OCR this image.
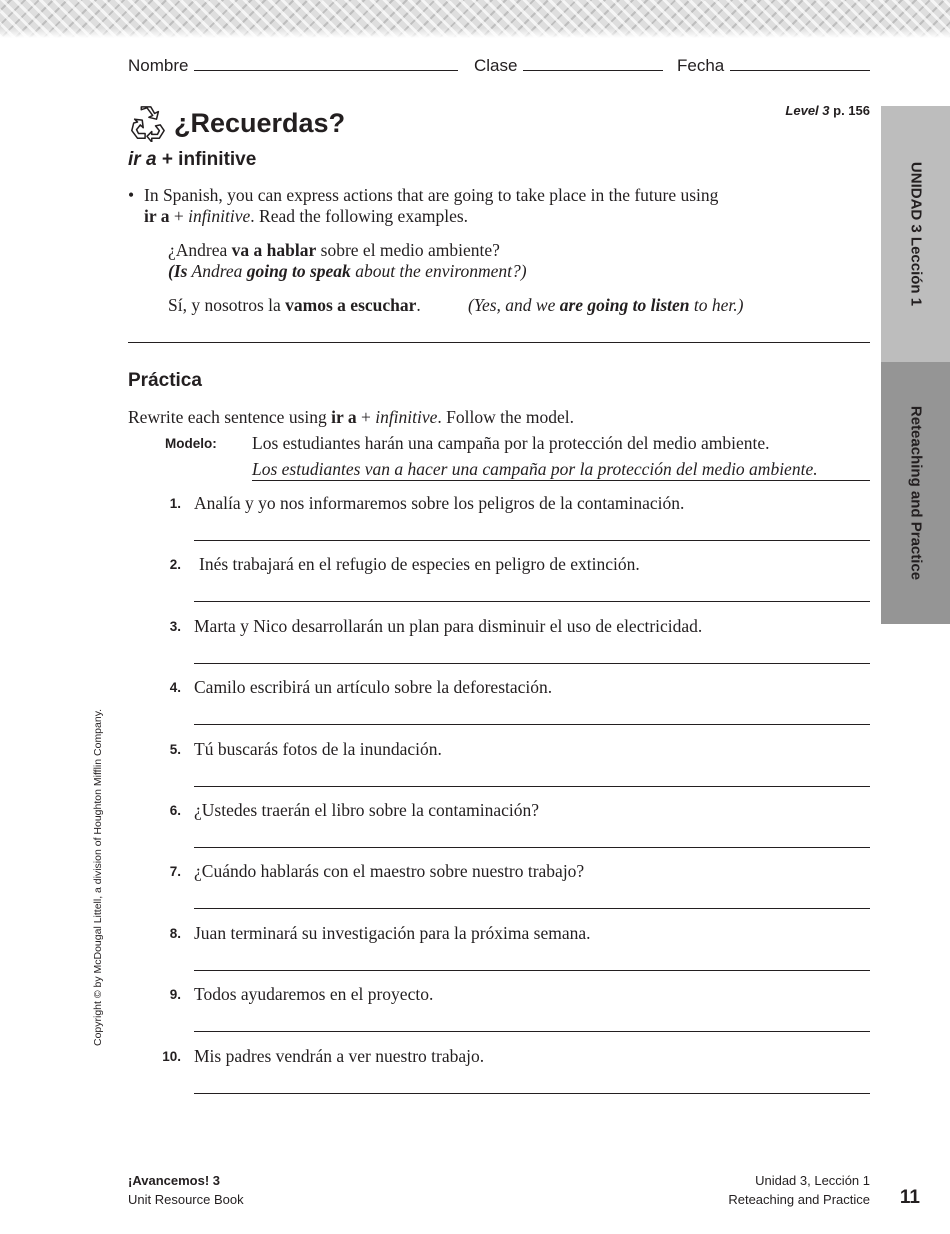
Nombre	Clase	Fecha
UNIDAD 3 Lección 1
Reteaching and Practice
¿Recuerdas?	Level 3 p. 156
ir a + infinitive
• In Spanish, you can express actions that are going to take place in the future using
ir a + infinitive. Read the following examples.
¿Andrea va a hablar sobre el medio ambiente?
(Is Andrea going to speak about the environment?)
Sí, y nosotros la vamos a escuchar.	(Yes, and we are going to listen to her.)
Práctica
Rewrite each sentence using ir a + infinitive. Follow the model.
Modelo: Los estudiantes harán una campaña por la protección del medio ambiente.
Los estudiantes van a hacer una campaña por la protección del medio ambiente.
1. Analía y yo nos informaremos sobre los peligros de la contaminación.
2. Inés trabajará en el refugio de especies en peligro de extinción.
3. Marta y Nico desarrollarán un plan para disminuir el uso de electricidad.
4. Camilo escribirá un artículo sobre la deforestación.
5. Tú buscarás fotos de la inundación.
6. ¿Ustedes traerán el libro sobre la contaminación?
7. ¿Cuándo hablarás con el maestro sobre nuestro trabajo?
8. Juan terminará su investigación para la próxima semana.
9. Todos ayudaremos en el proyecto.
10. Mis padres vendrán a ver nuestro trabajo.
Copyright © by McDougal Littell, a division of Houghton Mifflin Company.
¡Avancemos! 3
Unit Resource Book
Unidad 3, Lección 1
Reteaching and Practice 11
